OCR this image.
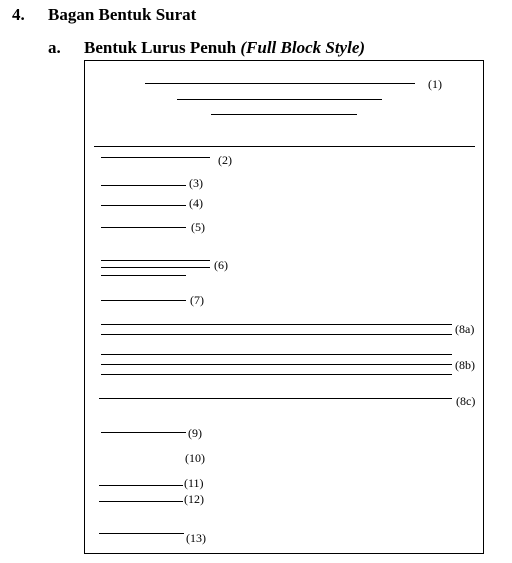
4. Bagan Bentuk Surat
a. Bentuk Lurus Penuh (Full Block Style)
(1)
(2)
(3)
(4)
(5)
(6)
(7)
(8a)
(8b)
(8c)
(9)
(10)
(11)
(12)
(13)
